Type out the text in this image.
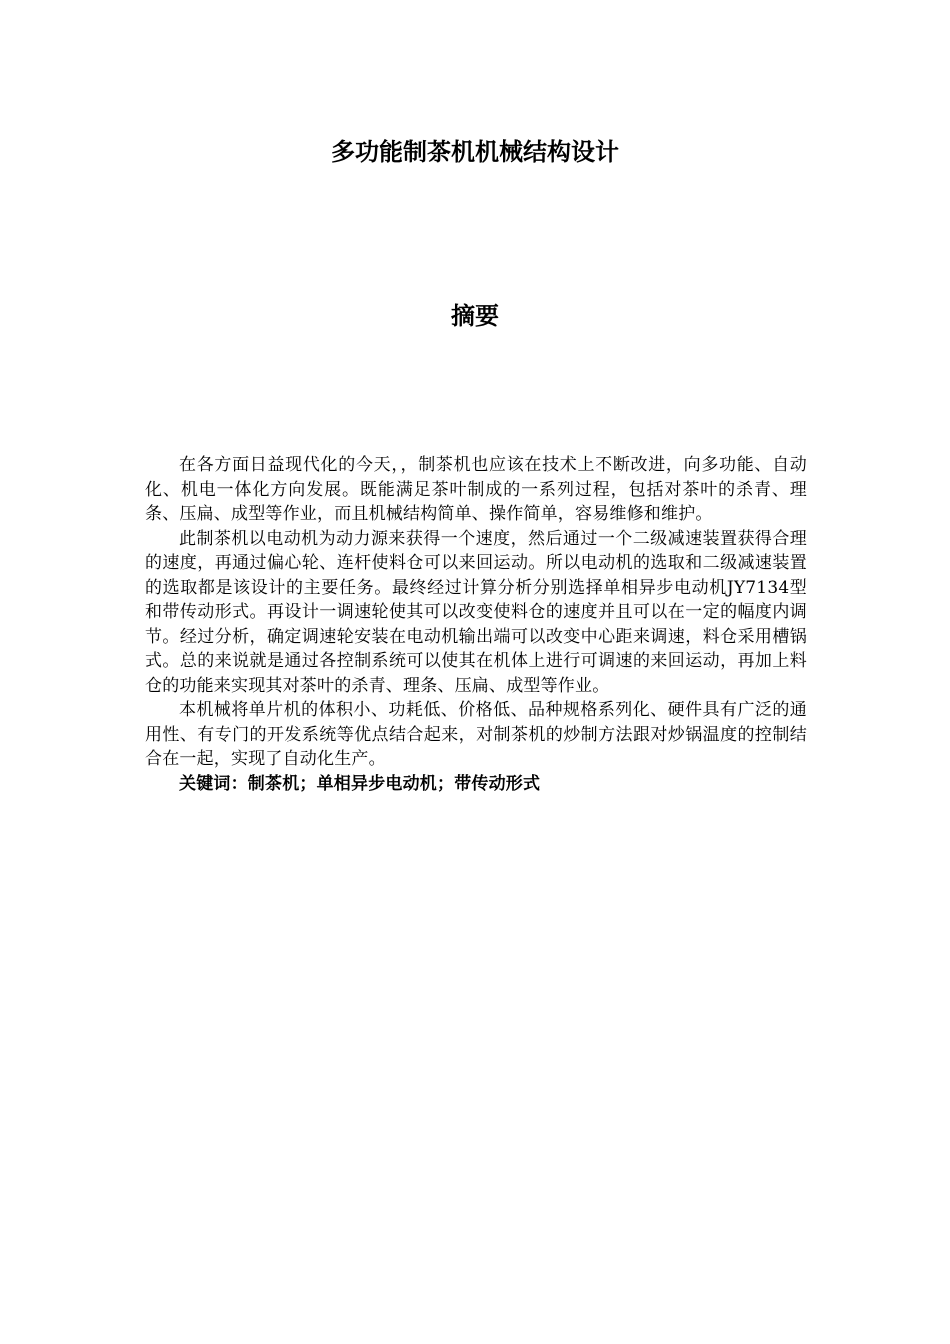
多功能制茶机机械结构设计
摘要

在各方面日益现代化的今天，，制茶机也应该在技术上不断改进，向多功能、自动化、机电一体化方向发展。既能满足茶叶制成的一系列过程，包括对茶叶的杀青、理条、压扁、成型等作业，而且机械结构简单、操作简单，容易维修和维护。

此制茶机以电动机为动力源来获得一个速度，然后通过一个二级减速装置获得合理的速度，再通过偏心轮、连杆使料仓可以来回运动。所以电动机的选取和二级减速装置的选取都是该设计的主要任务。最终经过计算分析分别选择单相异步电动机JY7134型和带传动形式。再设计一调速轮使其可以改变使料仓的速度并且可以在一定的幅度内调节。经过分析，确定调速轮安装在电动机输出端可以改变中心距来调速，料仓采用槽锅式。总的来说就是通过各控制系统可以使其在机体上进行可调速的来回运动，再加上料仓的功能来实现其对茶叶的杀青、理条、压扁、成型等作业。

本机械将单片机的体积小、功耗低、价格低、品种规格系列化、硬件具有广泛的通用性、有专门的开发系统等优点结合起来，对制茶机的炒制方法跟对炒锅温度的控制结合在一起，实现了自动化生产。

关键词：制茶机；单相异步电动机；带传动形式
